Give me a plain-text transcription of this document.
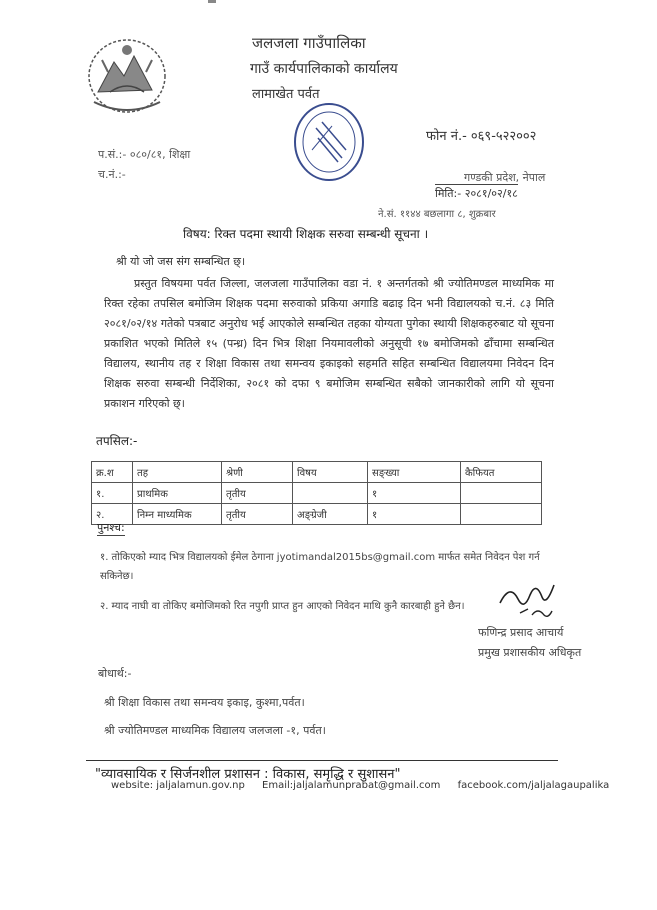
जलजला गाउँपालिका
गाउँ कार्यपालिकाको कार्यालय
लामाखेत पर्वत
फोन नं.- ०६९-५२२००२
प.सं.:- ०८०/८१, शिक्षा
च.नं.:-	गण्डकी प्रदेश, नेपाल
मिति:- २०८१/०२/१८
ने.सं. ११४४ बछलागा ८, शुक्रबार
विषय: रिक्त पदमा स्थायी शिक्षक सरुवा सम्बन्धी सूचना ।
श्री यो जो जस संग सम्बन्धित छ्।
प्रस्तुत विषयमा पर्वत जिल्ला, जलजला गाउँपालिका वडा नं. १ अन्तर्गतको श्री ज्योतिमण्डल माध्यमिक मा रिक्त रहेका तपसिल बमोजिम शिक्षक पदमा सरुवाको प्रकिया अगाडि बढाइ दिन भनी विद्यालयको च.नं. ८३ मिति २०८१/०२/१४ गतेको पत्रबाट अनुरोध भई आएकोले सम्बन्धित तहका योग्यता पुगेका स्थायी शिक्षकहरुबाट यो सूचना प्रकाशित भएको मितिले १५ (पन्ध्र) दिन भित्र शिक्षा नियमावलीको अनुसूची १७ बमोजिमको ढाँचामा सम्बन्धित विद्यालय, स्थानीय तह र शिक्षा विकास तथा समन्वय इकाइको सहमति सहित सम्बन्धित विद्यालयमा निवेदन दिन शिक्षक सरुवा सम्बन्धी निर्देशिका, २०८१ को दफा ९ बमोजिम सम्बन्धित सबैको जानकारीको लागि यो सूचना प्रकाशन गरिएको छ्।
तपसिल:-
क्र.श	तह	श्रेणी	विषय	सङ्ख्या	कैफियत
१.	प्राथमिक	तृतीय		१	
२.	निम्न माध्यमिक	तृतीय	अङ्ग्रेजी	१	
पुनश्च:
१. तोकिएको म्याद भित्र विद्यालयको ईमेल ठेगाना jyotimandal2015bs@gmail.com मार्फत समेत निवेदन पेश गर्न सकिनेछ।
२. म्याद नाघी वा तोकिए बमोजिमको रित नपुगी प्राप्त हुन आएको निवेदन माथि कुनै कारबाही हुने छैन।
फणिन्द्र प्रसाद आचार्य
प्रमुख प्रशासकीय अधिकृत
बोधार्थ:-
श्री शिक्षा विकास तथा समन्वय इकाइ, कुश्मा,पर्वत।
श्री ज्योतिमण्डल माध्यमिक विद्यालय जलजला -१, पर्वत।
"व्यावसायिक र सिर्जनशील प्रशासन : विकास, समृद्धि र सुशासन"
website: jaljalamun.gov.np Email:jaljalamunprabat@gmail.com facebook.com/jaljalagaupalika
